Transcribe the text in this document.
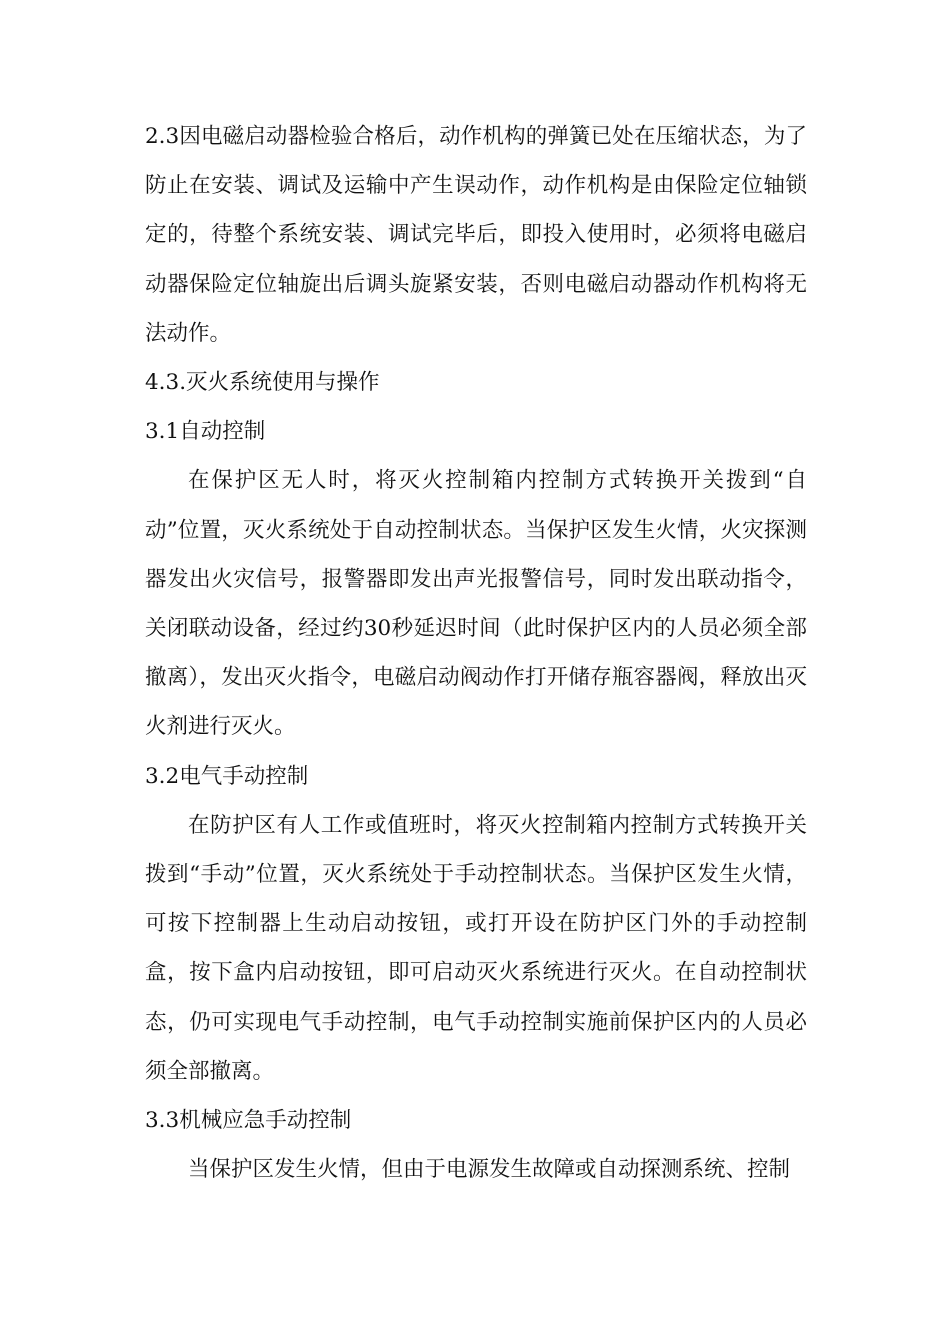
2.3因电磁启动器检验合格后，动作机构的弹簧已处在压缩状态，为了防止在安装、调试及运输中产生误动作，动作机构是由保险定位轴锁定的，待整个系统安装、调试完毕后，即投入使用时，必须将电磁启动器保险定位轴旋出后调头旋紧安装，否则电磁启动器动作机构将无法动作。

4.3.灭火系统使用与操作

3.1自动控制

在保护区无人时，将灭火控制箱内控制方式转换开关拨到“自动”位置，灭火系统处于自动控制状态。当保护区发生火情，火灾探测器发出火灾信号，报警器即发出声光报警信号，同时发出联动指令，关闭联动设备，经过约30秒延迟时间（此时保护区内的人员必须全部撤离），发出灭火指令，电磁启动阀动作打开储存瓶容器阀，释放出灭火剂进行灭火。

3.2电气手动控制

在防护区有人工作或值班时，将灭火控制箱内控制方式转换开关拨到“手动”位置，灭火系统处于手动控制状态。当保护区发生火情，可按下控制器上生动启动按钮，或打开设在防护区门外的手动控制盒，按下盒内启动按钮，即可启动灭火系统进行灭火。在自动控制状态，仍可实现电气手动控制，电气手动控制实施前保护区内的人员必须全部撤离。

3.3机械应急手动控制

当保护区发生火情，但由于电源发生故障或自动探测系统、控制
